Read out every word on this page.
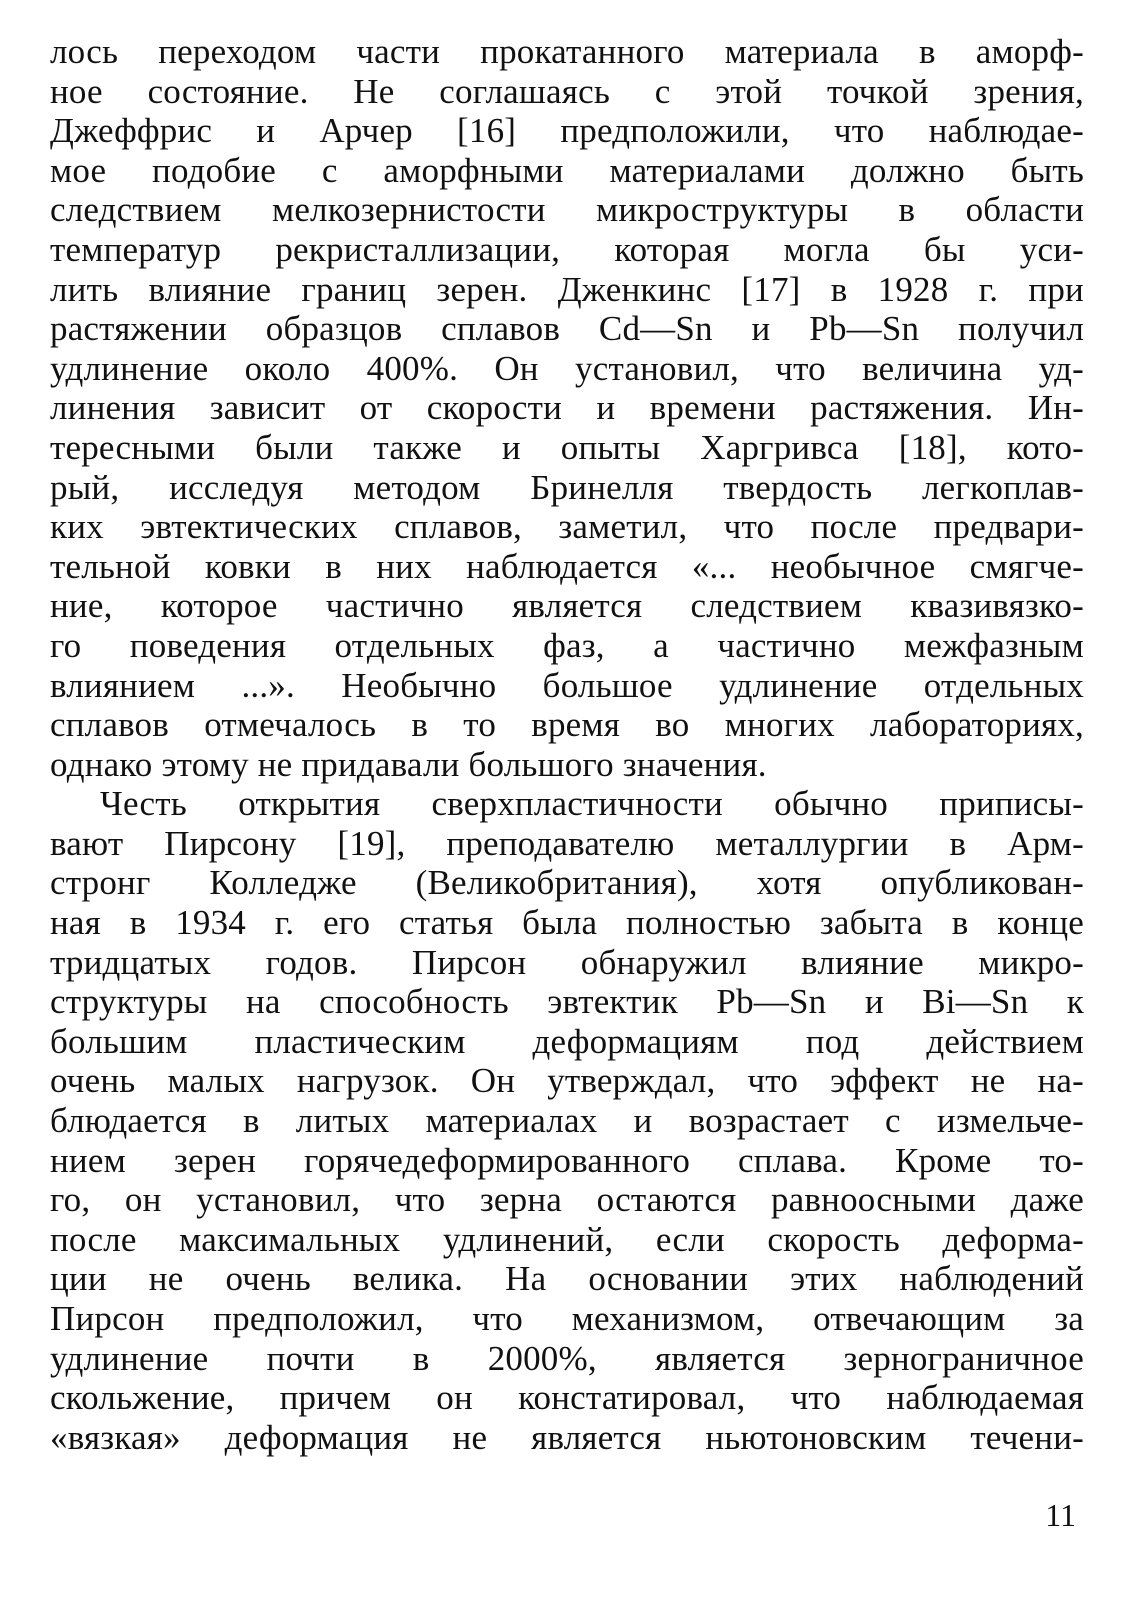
лось переходом части прокатанного материала в аморф-
ное состояние. Не соглашаясь с этой точкой зрения,
Джеффрис и Арчер [16] предположили, что наблюдае-
мое подобие с аморфными материалами должно быть
следствием мелкозернистости микроструктуры в области
температур рекристаллизации, которая могла бы уси-
лить влияние границ зерен. Дженкинс [17] в 1928 г. при
растяжении образцов сплавов Cd—Sn и Pb—Sn получил
удлинение около 400%. Он установил, что величина уд-
линения зависит от скорости и времени растяжения. Ин-
тересными были также и опыты Харгривса [18], кото-
рый, исследуя методом Бринелля твердость легкоплав-
ких эвтектических сплавов, заметил, что после предвари-
тельной ковки в них наблюдается «... необычное смягче-
ние, которое частично является следствием квазивязко-
го поведения отдельных фаз, а частично межфазным
влиянием ...». Необычно большое удлинение отдельных
сплавов отмечалось в то время во многих лабораториях,
однако этому не придавали большого значения.
Честь открытия сверхпластичности обычно приписы-
вают Пирсону [19], преподавателю металлургии в Арм-
стронг Колледже (Великобритания), хотя опубликован-
ная в 1934 г. его статья была полностью забыта в конце
тридцатых годов. Пирсон обнаружил влияние микро-
структуры на способность эвтектик Pb—Sn и Bi—Sn к
большим пластическим деформациям под действием
очень малых нагрузок. Он утверждал, что эффект не на-
блюдается в литых материалах и возрастает с измельче-
нием зерен горячедеформированного сплава. Кроме то-
го, он установил, что зерна остаются равноосными даже
после максимальных удлинений, если скорость деформа-
ции не очень велика. На основании этих наблюдений
Пирсон предположил, что механизмом, отвечающим за
удлинение почти в 2000%, является зернограничное
скольжение, причем он констатировал, что наблюдаемая
«вязкая» деформация не является ньютоновским течени-
11
